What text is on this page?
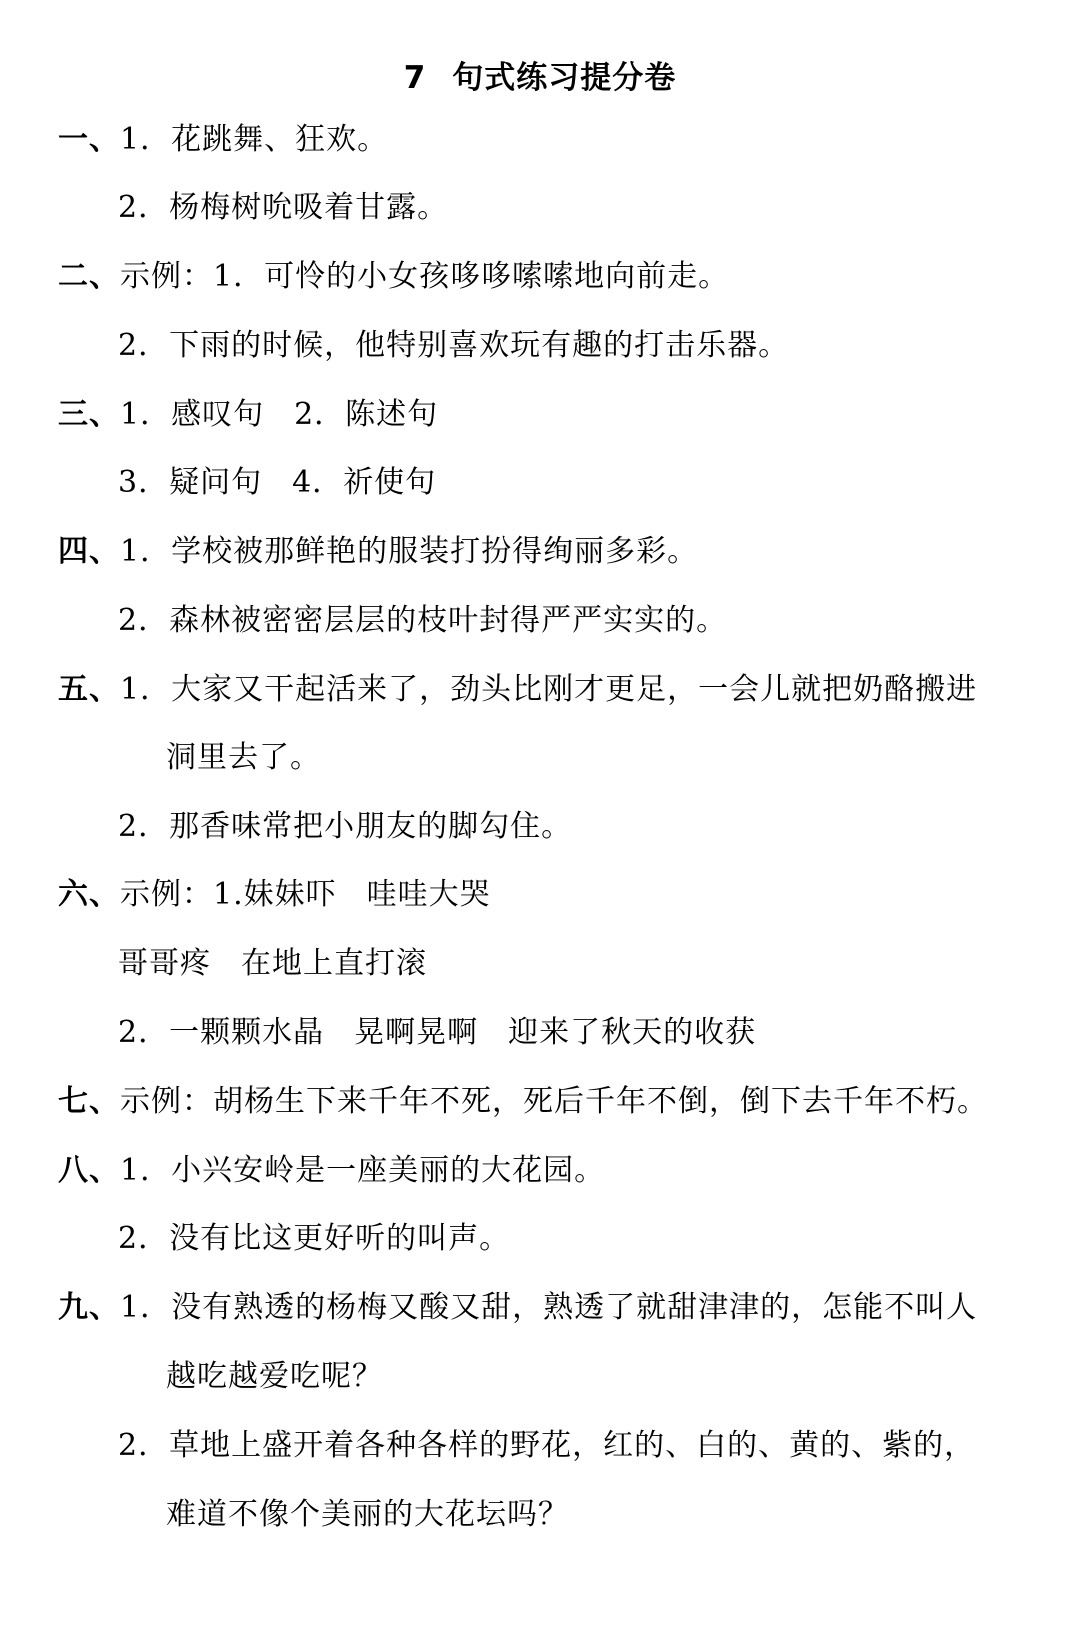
7 句式练习提分卷
一、1．花跳舞、狂欢。
2．杨梅树吮吸着甘露。
二、示例：1．可怜的小女孩哆哆嗦嗦地向前走。
2．下雨的时候，他特别喜欢玩有趣的打击乐器。
三、1．感叹句 2．陈述句
3．疑问句 4．祈使句
四、1．学校被那鲜艳的服装打扮得绚丽多彩。
2．森林被密密层层的枝叶封得严严实实的。
五、1．大家又干起活来了，劲头比刚才更足，一会儿就把奶酪搬进
洞里去了。
2．那香味常把小朋友的脚勾住。
六、示例：1.妹妹吓 哇哇大哭
哥哥疼 在地上直打滚
2．一颗颗水晶 晃啊晃啊 迎来了秋天的收获
七、示例：胡杨生下来千年不死，死后千年不倒，倒下去千年不朽。
八、1．小兴安岭是一座美丽的大花园。
2．没有比这更好听的叫声。
九、1．没有熟透的杨梅又酸又甜，熟透了就甜津津的，怎能不叫人
越吃越爱吃呢？
2．草地上盛开着各种各样的野花，红的、白的、黄的、紫的，
难道不像个美丽的大花坛吗？
